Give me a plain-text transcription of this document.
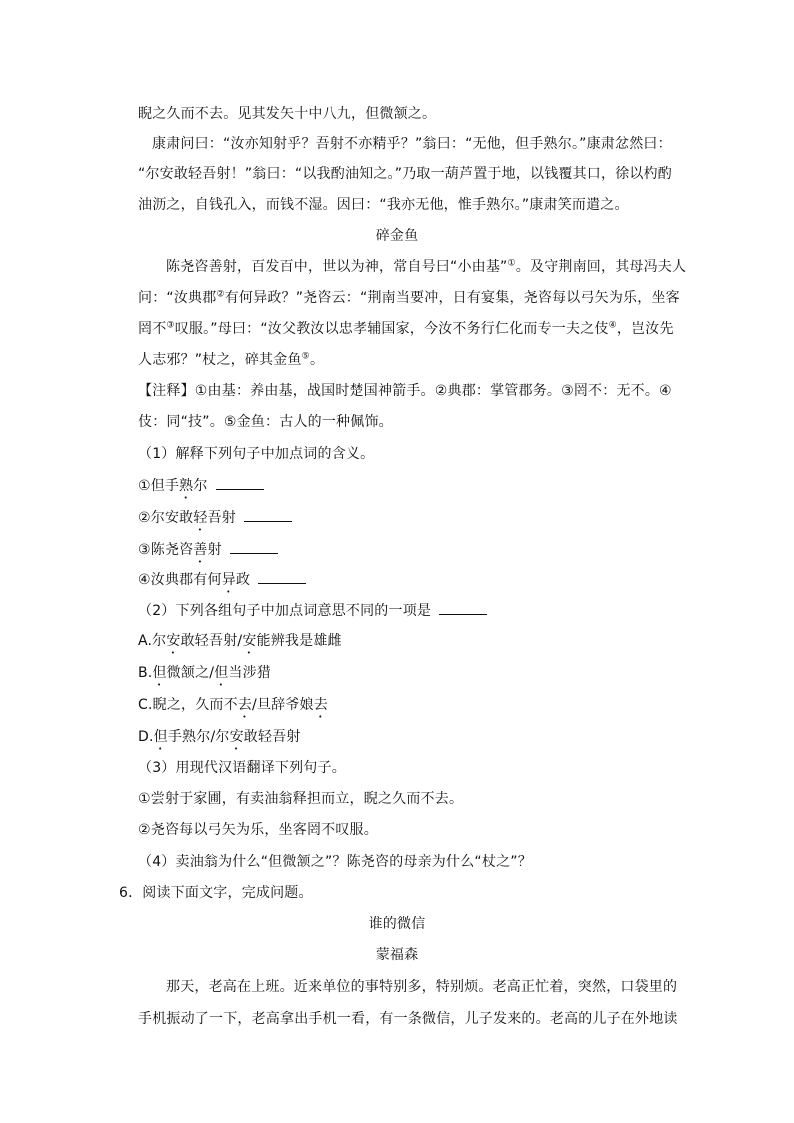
睨之久而不去。见其发矢十中八九，但微颔之。
康肃问曰：“汝亦知射乎？吾射不亦精乎？”翁曰：“无他，但手熟尔。”康肃忿然曰：
“尔安敢轻吾射！”翁曰：“以我酌油知之。”乃取一葫芦置于地，以钱覆其口，徐以杓酌
油沥之，自钱孔入，而钱不湿。因曰：“我亦无他，惟手熟尔。”康肃笑而遣之。
碎金鱼
陈尧咨善射，百发百中，世以为神，常自号曰“小由基”①。及守荆南回，其母冯夫人
问：“汝典郡②有何异政？”尧咨云：“荆南当要冲，日有宴集，尧咨每以弓矢为乐，坐客
罔不③叹服。”母曰：“汝父教汝以忠孝辅国家，今汝不务行仁化而专一夫之伎④，岂汝先
人志邪？”杖之，碎其金鱼⑤。
【注释】①由基：养由基，战国时楚国神箭手。②典郡：掌管郡务。③罔不：无不。④
伎：同“技”。⑤金鱼：古人的一种佩饰。
（1）解释下列句子中加点词的含义。
①但手熟尔
②尔安敢轻吾射
③陈尧咨善射
④汝典郡有何异政
（2）下列各组句子中加点词意思不同的一项是
A.尔安敢轻吾射/安能辨我是雄雌
B.但微颔之/但当涉猎
C.睨之，久而不去/旦辞爷娘去
D.但手熟尔/尔安敢轻吾射
（3）用现代汉语翻译下列句子。
①尝射于家圃，有卖油翁释担而立，睨之久而不去。
②尧咨每以弓矢为乐，坐客罔不叹服。
（4）卖油翁为什么“但微颔之”？陈尧咨的母亲为什么“杖之”？
6．阅读下面文字，完成问题。
谁的微信
蒙福森
那天，老高在上班。近来单位的事特别多，特别烦。老高正忙着，突然，口袋里的
手机振动了一下，老高拿出手机一看，有一条微信，儿子发来的。老高的儿子在外地读
